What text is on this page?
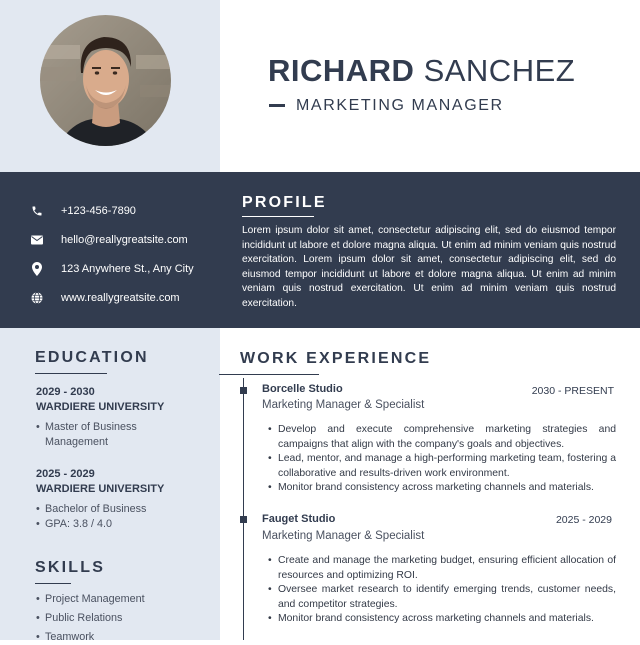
RICHARD SANCHEZ
MARKETING MANAGER
+123-456-7890
hello@reallygreatsite.com
123 Anywhere St., Any City
www.reallygreatsite.com
PROFILE
Lorem ipsum dolor sit amet, consectetur adipiscing elit, sed do eiusmod tempor incididunt ut labore et dolore magna aliqua. Ut enim ad minim veniam quis nostrud exercitation. Lorem ipsum dolor sit amet, consectetur adipiscing elit, sed do eiusmod tempor incididunt ut labore et dolore magna aliqua. Ut enim ad minim veniam quis nostrud exercitation. Ut enim ad minim veniam quis nostrud exercitation.
EDUCATION
2029 - 2030
WARDIERE UNIVERSITY
• Master of Business Management
2025 - 2029
WARDIERE UNIVERSITY
• Bachelor of Business
• GPA: 3.8 / 4.0
SKILLS
• Project Management
• Public Relations
• Teamwork
WORK EXPERIENCE
Borcelle Studio	2030 - PRESENT
Marketing Manager & Specialist
• Develop and execute comprehensive marketing strategies and campaigns that align with the company's goals and objectives.
• Lead, mentor, and manage a high-performing marketing team, fostering a collaborative and results-driven work environment.
• Monitor brand consistency across marketing channels and materials.
Fauget Studio	2025 - 2029
Marketing Manager & Specialist
• Create and manage the marketing budget, ensuring efficient allocation of resources and optimizing ROI.
• Oversee market research to identify emerging trends, customer needs, and competitor strategies.
• Monitor brand consistency across marketing channels and materials.
